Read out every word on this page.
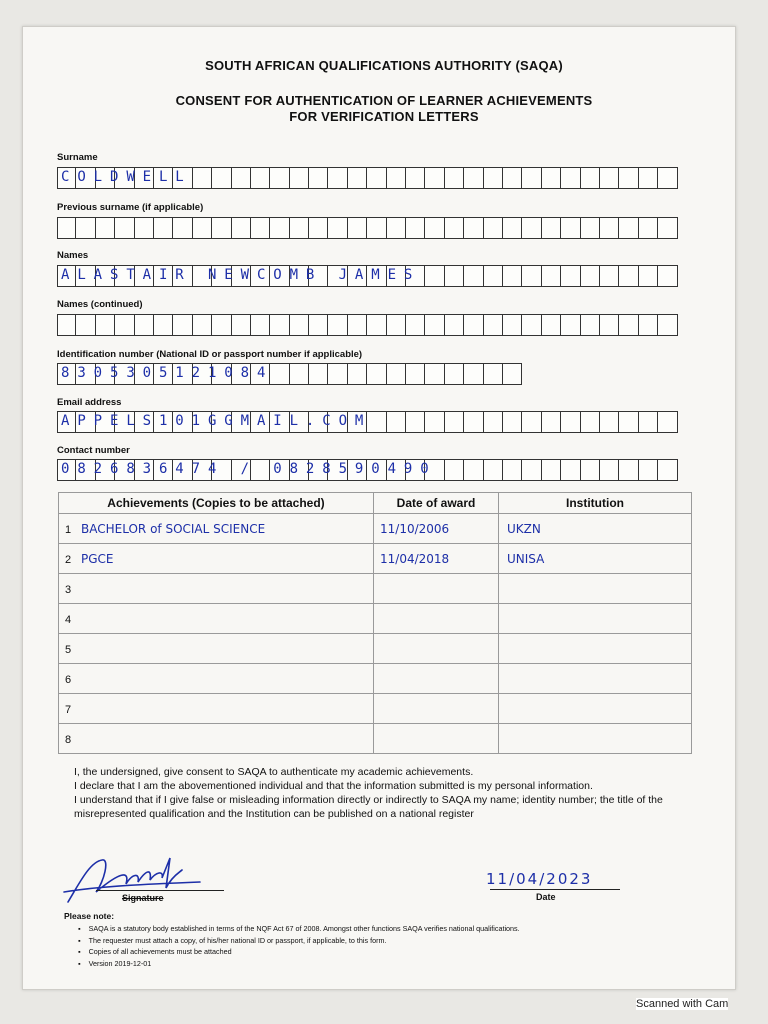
SOUTH AFRICAN QUALIFICATIONS AUTHORITY (SAQA)
CONSENT FOR AUTHENTICATION OF LEARNER ACHIEVEMENTS
FOR VERIFICATION LETTERS
Surname
COLDWELL
Previous surname (if applicable)
Names
ALASTAIR NEWCOMB JAMES
Names (continued)
Identification number (National ID or passport number if applicable)
8305305121084
Email address
APPELS101GGMAIL.COM
Contact number
0826836474 / 0828590490
Achievements (Copies to be attached)	Date of award	Institution
1 BACHELOR of SOCIAL SCIENCE	11/10/2006	UKZN
2 PGCE	11/04/2018	UNISA
3		
4		
5		
6		
7		
8		

I, the undersigned, give consent to SAQA to authenticate my academic achievements.

I declare that I am the abovementioned individual and that the information submitted is my personal information.

I understand that if I give false or misleading information directly or indirectly to SAQA my name; identity number; the title of the misrepresented qualification and the Institution can be published on a national register

Signature
11/04/2023
Date
Please note:
▪ SAQA is a statutory body established in terms of the NQF Act 67 of 2008. Amongst other functions SAQA verifies national qualifications.
▪ The requester must attach a copy, of his/her national ID or passport, if applicable, to this form.
▪ Copies of all achievements must be attached
▪ Version 2019-12-01
Scanned with Cam
